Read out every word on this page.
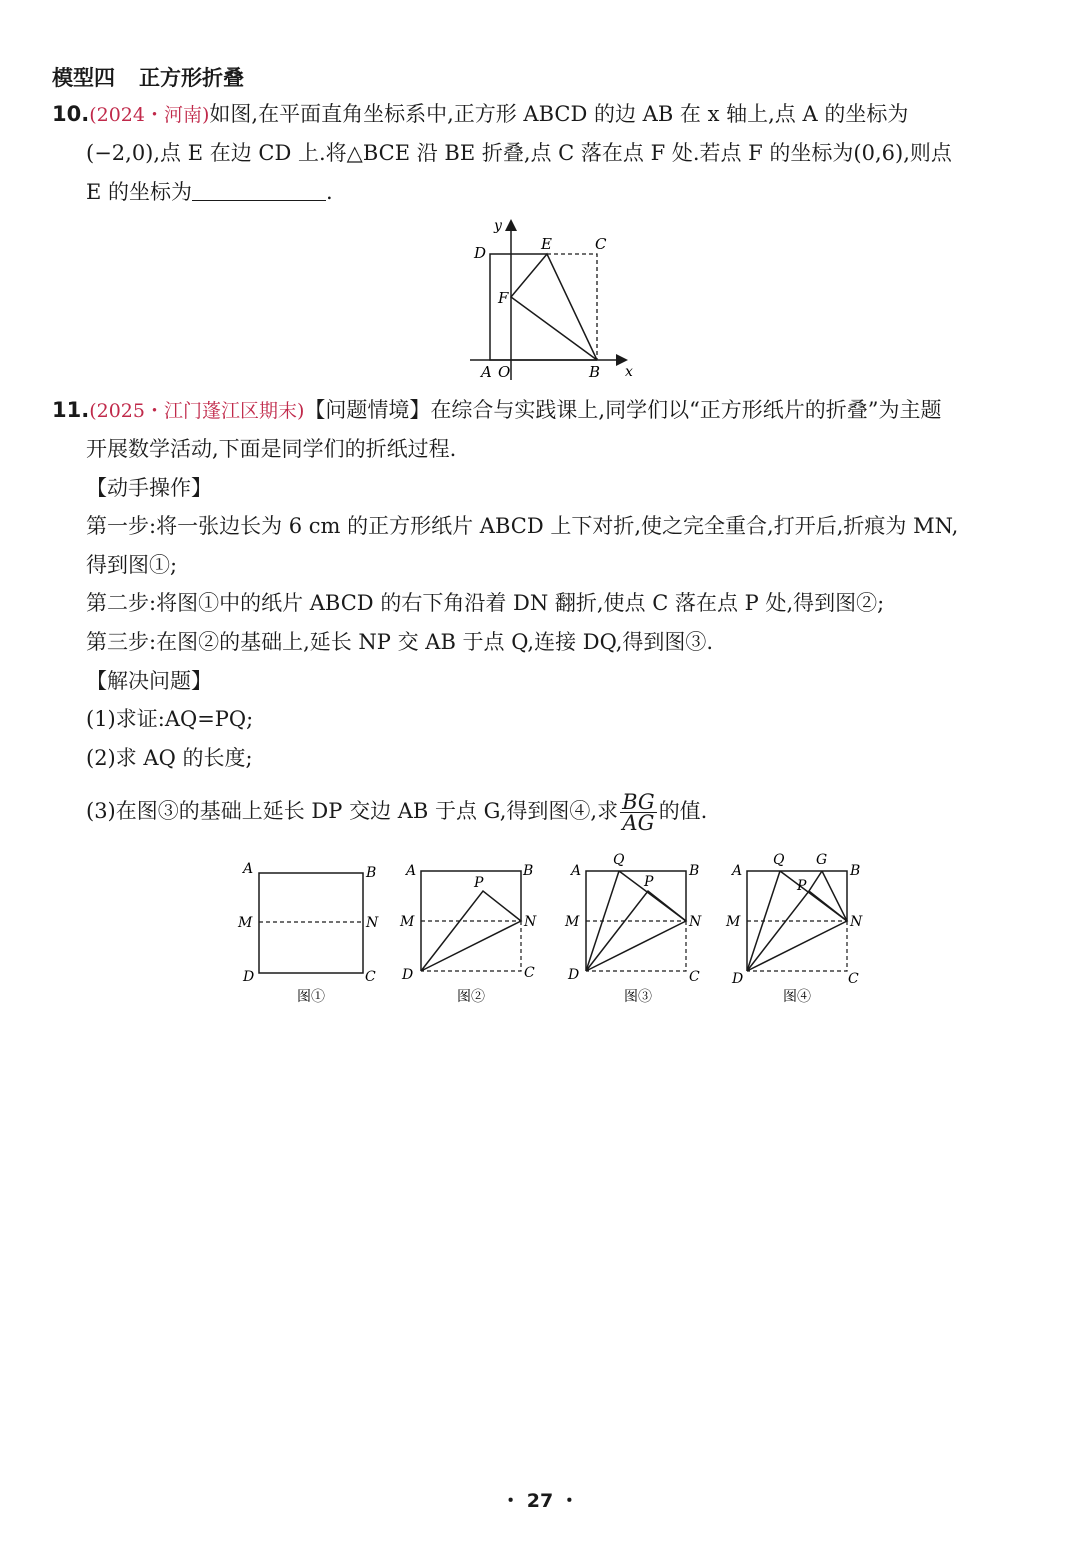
模型四 正方形折叠
10.(2024・河南)如图,在平面直角坐标系中,正方形 ABCD 的边 AB 在 x 轴上,点 A 的坐标为
(−2,0),点 E 在边 CD 上.将△BCE 沿 BE 折叠,点 C 落在点 F 处.若点 F 的坐标为(0,6),则点
E 的坐标为	.
y
x
D	E	C
F
A O	B
11.(2025・江门蓬江区期末)【问题情境】在综合与实践课上,同学们以“正方形纸片的折叠”为主题
开展数学活动,下面是同学们的折纸过程.
【动手操作】
第一步:将一张边长为 6 cm 的正方形纸片 ABCD 上下对折,使之完全重合,打开后,折痕为 MN,
得到图①;
第二步:将图①中的纸片 ABCD 的右下角沿着 DN 翻折,使点 C 落在点 P 处,得到图②;
第三步:在图②的基础上,延长 NP 交 AB 于点 Q,连接 DQ,得到图③.
【解决问题】
(1)求证:AQ=PQ;
(2)求 AQ 的长度;
(3)在图③的基础上延长 DP 交边 AB 于点 G,得到图④,求 $\frac{BG}{AG}$ 的值.
A	B
M	N
D	C
图①
A	B
P
M	N
D	C
图②
A
Q
B
P
M	N
D	C
图③
A
Q G
B
P
M	N
D	C
图④
・ 27 ・
